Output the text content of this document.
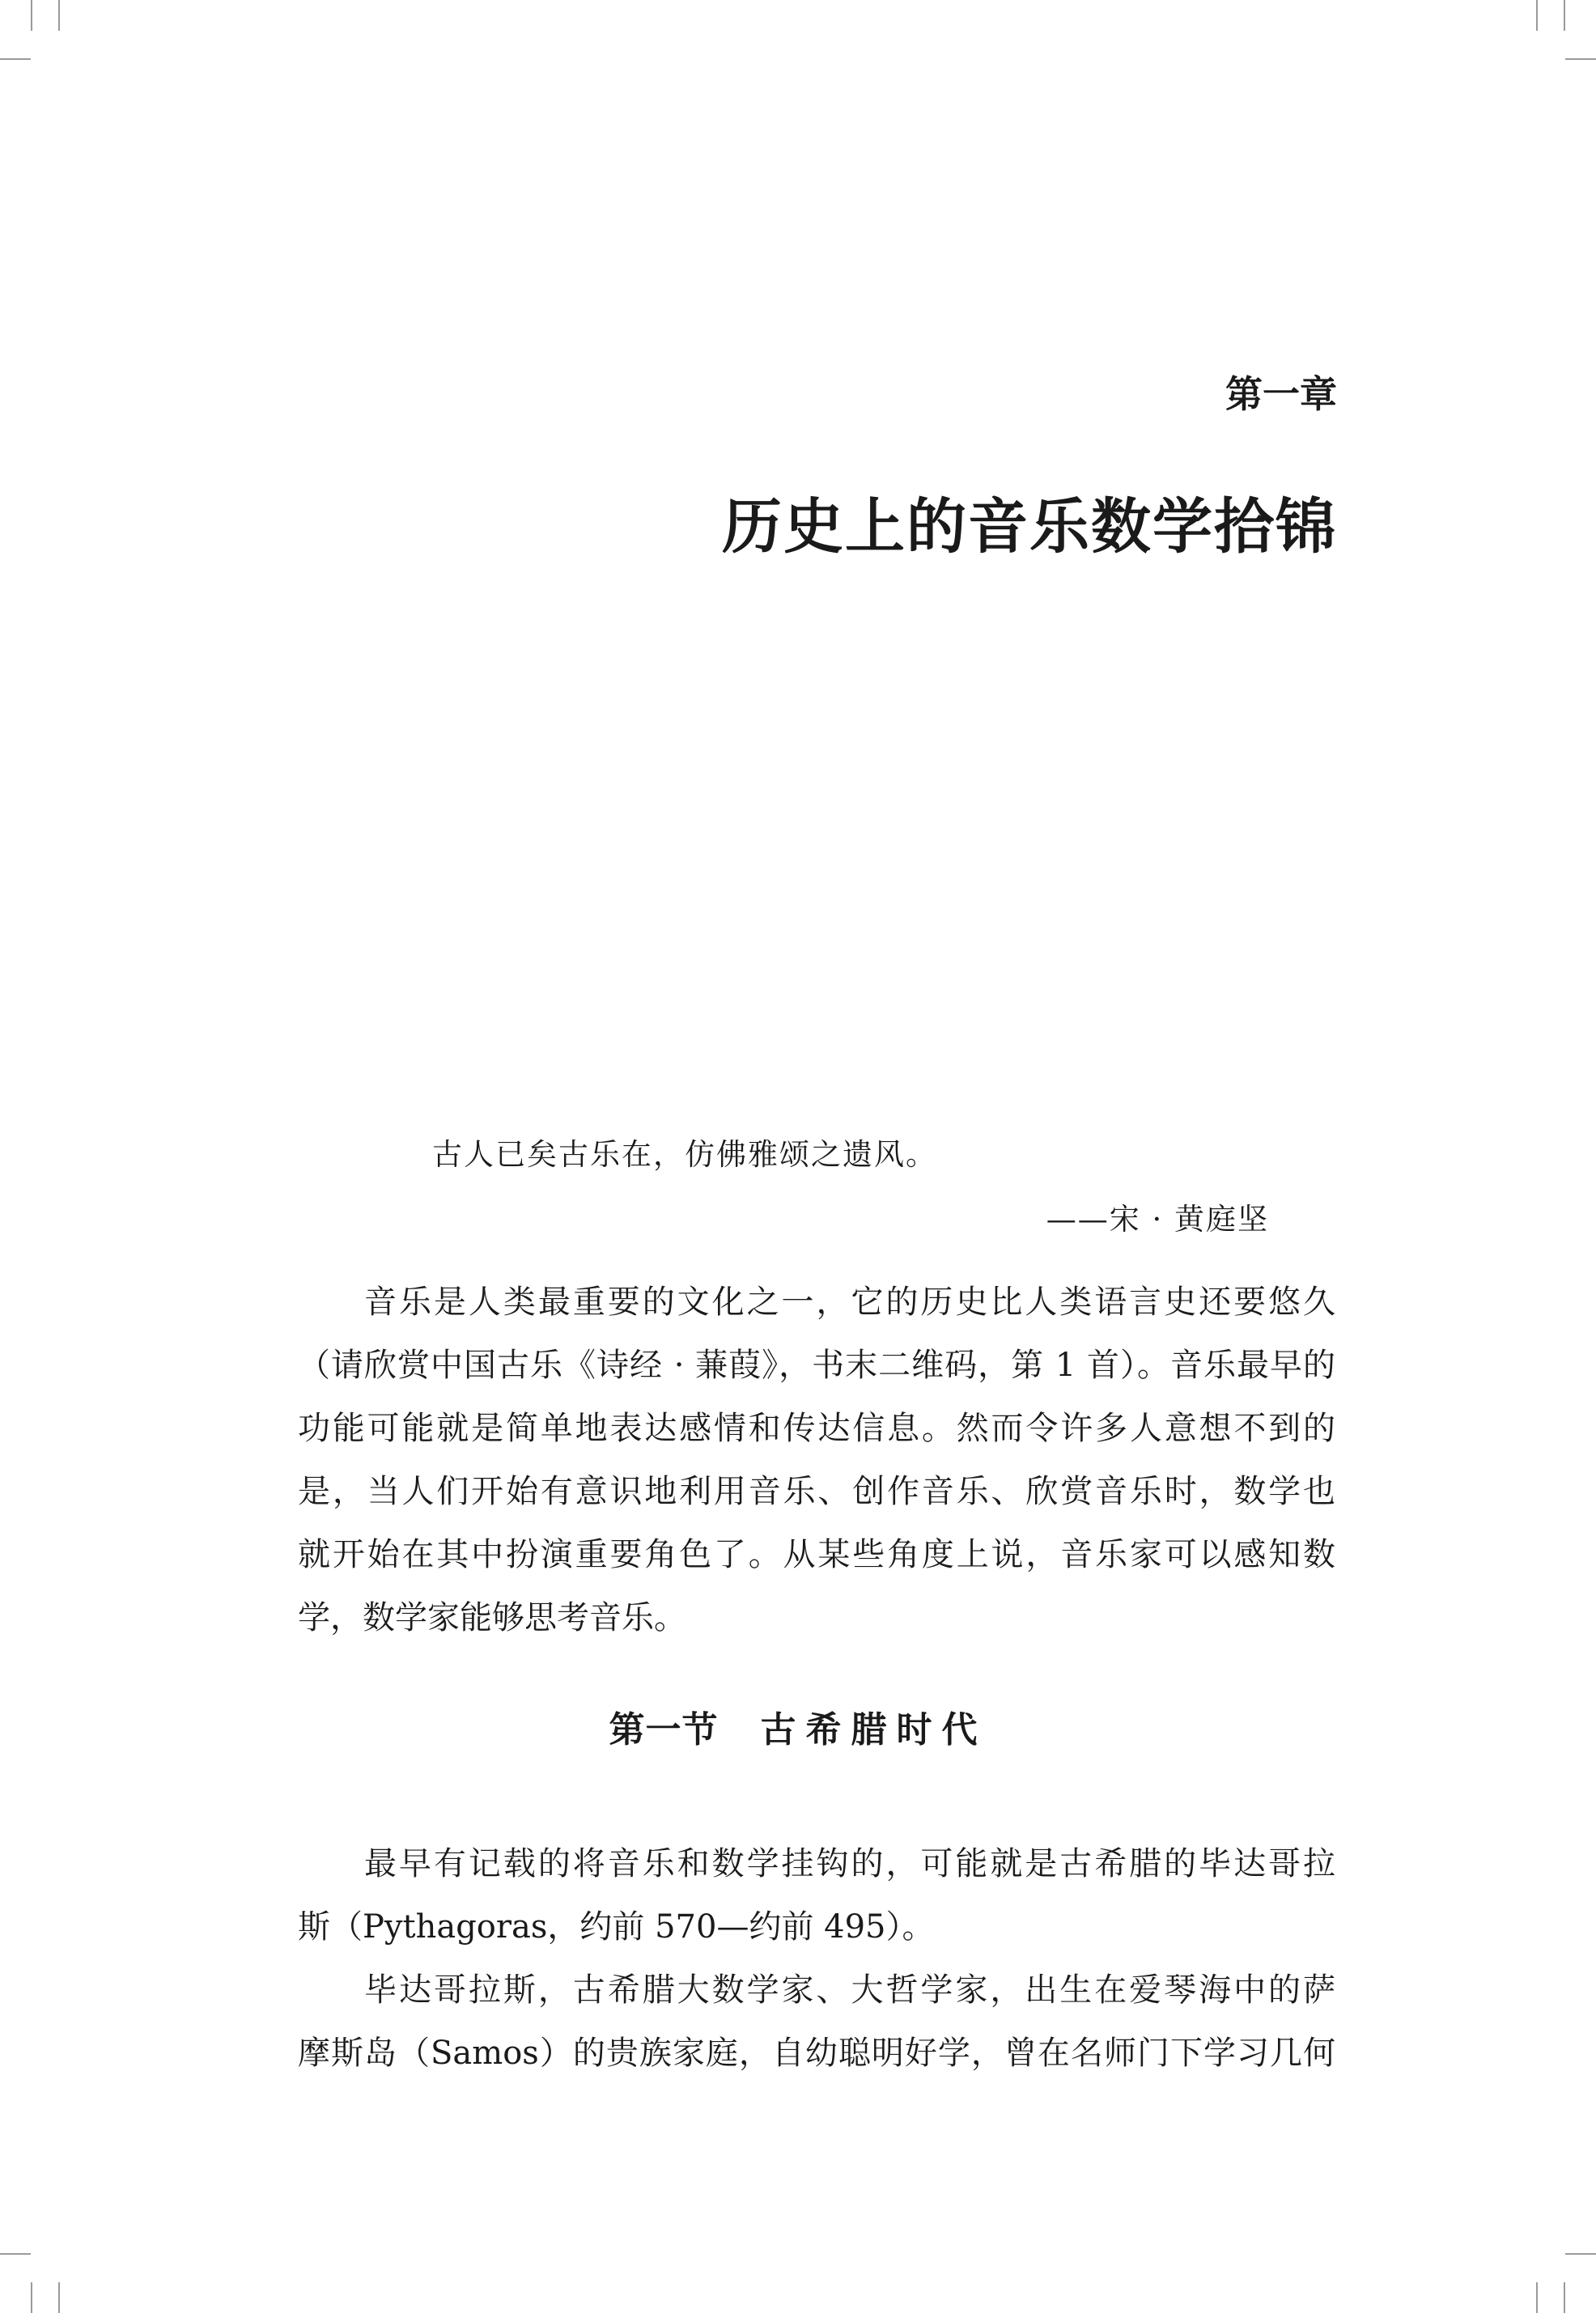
第一章
历史上的音乐数学拾锦
古人已矣古乐在，仿佛雅颂之遗风。
——宋 · 黄庭坚

音乐是人类最重要的文化之一，它的历史比人类语言史还要悠久
（请欣赏中国古乐《诗经 · 蒹葭》，书末二维码，第 1 首）。音乐最早的
功能可能就是简单地表达感情和传达信息。然而令许多人意想不到的
是，当人们开始有意识地利用音乐、创作音乐、欣赏音乐时，数学也
就开始在其中扮演重要角色了。从某些角度上说，音乐家可以感知数
学，数学家能够思考音乐。

第一节 古希腊时代

最早有记载的将音乐和数学挂钩的，可能就是古希腊的毕达哥拉
斯（Pythagoras，约前 570—约前 495）。

毕达哥拉斯，古希腊大数学家、大哲学家，出生在爱琴海中的萨
摩斯岛（Samos）的贵族家庭，自幼聪明好学，曾在名师门下学习几何
